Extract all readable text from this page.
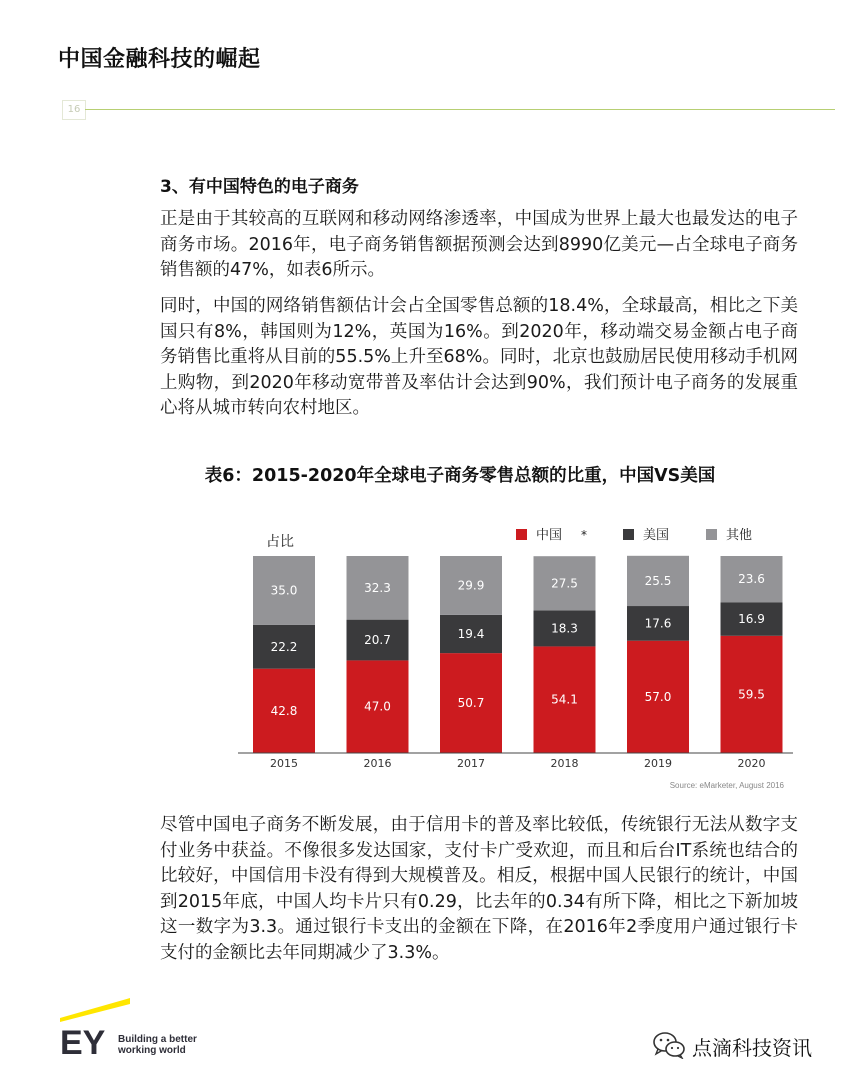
中国金融科技的崛起
16
3、有中国特色的电子商务
正是由于其较高的互联网和移动网络渗透率，中国成为世界上最大也最发达的电子商务市场。2016年，电子商务销售额据预测会达到8990亿美元—占全球电子商务销售额的47%，如表6所示。
同时，中国的网络销售额估计会占全国零售总额的18.4%，全球最高，相比之下美国只有8%，韩国则为12%，英国为16%。到2020年，移动端交易金额占电子商务销售比重将从目前的55.5%上升至68%。同时，北京也鼓励居民使用移动手机网上购物，到2020年移动宽带普及率估计会达到90%，我们预计电子商务的发展重心将从城市转向农村地区。
表6：2015-2020年全球电子商务零售总额的比重，中国VS美国
占比	中国	美国	其他
*
42.8
22.2
35.0
47.0
20.7
32.3
50.7
19.4
29.9
54.1
18.3
27.5
57.0
17.6
25.5
59.5
16.9
23.6
2015	2016	2017	2018	2019	2020
Source: eMarketer, August 2016
尽管中国电子商务不断发展，由于信用卡的普及率比较低，传统银行无法从数字支付业务中获益。不像很多发达国家，支付卡广受欢迎，而且和后台IT系统也结合的比较好，中国信用卡没有得到大规模普及。相反，根据中国人民银行的统计，中国到2015年底，中国人均卡片只有0.29，比去年的0.34有所下降，相比之下新加坡这一数字为3.3。通过银行卡支出的金额在下降，在2016年2季度用户通过银行卡支付的金额比去年同期减少了3.3%。
EY Building a better
working world	点滴科技资讯
